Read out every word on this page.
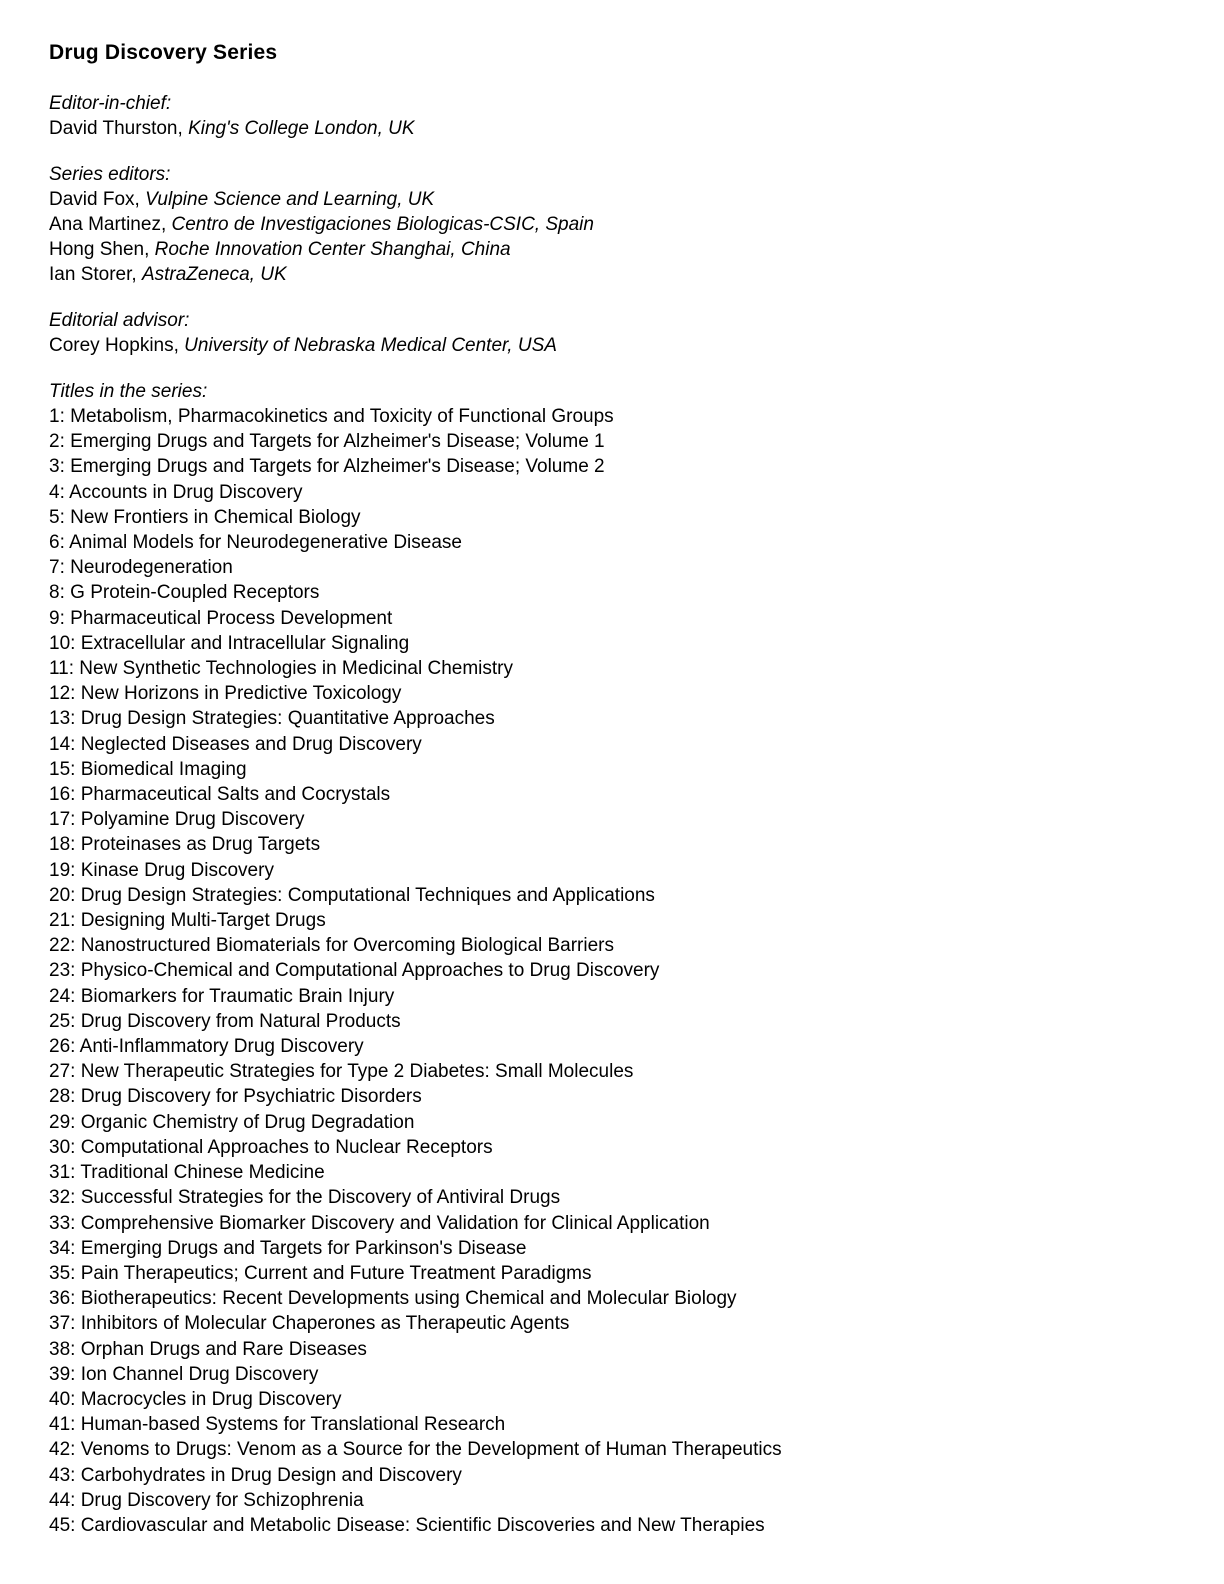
Drug Discovery Series

Editor-in-chief:

David Thurston, King's College London, UK

Series editors:

David Fox, Vulpine Science and Learning, UK

Ana Martinez, Centro de Investigaciones Biologicas-CSIC, Spain

Hong Shen, Roche Innovation Center Shanghai, China

Ian Storer, AstraZeneca, UK

Editorial advisor:

Corey Hopkins, University of Nebraska Medical Center, USA

Titles in the series:

1: Metabolism, Pharmacokinetics and Toxicity of Functional Groups

2: Emerging Drugs and Targets for Alzheimer's Disease; Volume 1

3: Emerging Drugs and Targets for Alzheimer's Disease; Volume 2

4: Accounts in Drug Discovery

5: New Frontiers in Chemical Biology

6: Animal Models for Neurodegenerative Disease

7: Neurodegeneration

8: G Protein-Coupled Receptors

9: Pharmaceutical Process Development

10: Extracellular and Intracellular Signaling

11: New Synthetic Technologies in Medicinal Chemistry

12: New Horizons in Predictive Toxicology

13: Drug Design Strategies: Quantitative Approaches

14: Neglected Diseases and Drug Discovery

15: Biomedical Imaging

16: Pharmaceutical Salts and Cocrystals

17: Polyamine Drug Discovery

18: Proteinases as Drug Targets

19: Kinase Drug Discovery

20: Drug Design Strategies: Computational Techniques and Applications

21: Designing Multi-Target Drugs

22: Nanostructured Biomaterials for Overcoming Biological Barriers

23: Physico-Chemical and Computational Approaches to Drug Discovery

24: Biomarkers for Traumatic Brain Injury

25: Drug Discovery from Natural Products

26: Anti-Inflammatory Drug Discovery

27: New Therapeutic Strategies for Type 2 Diabetes: Small Molecules

28: Drug Discovery for Psychiatric Disorders

29: Organic Chemistry of Drug Degradation

30: Computational Approaches to Nuclear Receptors

31: Traditional Chinese Medicine

32: Successful Strategies for the Discovery of Antiviral Drugs

33: Comprehensive Biomarker Discovery and Validation for Clinical Application

34: Emerging Drugs and Targets for Parkinson's Disease

35: Pain Therapeutics; Current and Future Treatment Paradigms

36: Biotherapeutics: Recent Developments using Chemical and Molecular Biology

37: Inhibitors of Molecular Chaperones as Therapeutic Agents

38: Orphan Drugs and Rare Diseases

39: Ion Channel Drug Discovery

40: Macrocycles in Drug Discovery

41: Human-based Systems for Translational Research

42: Venoms to Drugs: Venom as a Source for the Development of Human Therapeutics

43: Carbohydrates in Drug Design and Discovery

44: Drug Discovery for Schizophrenia

45: Cardiovascular and Metabolic Disease: Scientific Discoveries and New Therapies
